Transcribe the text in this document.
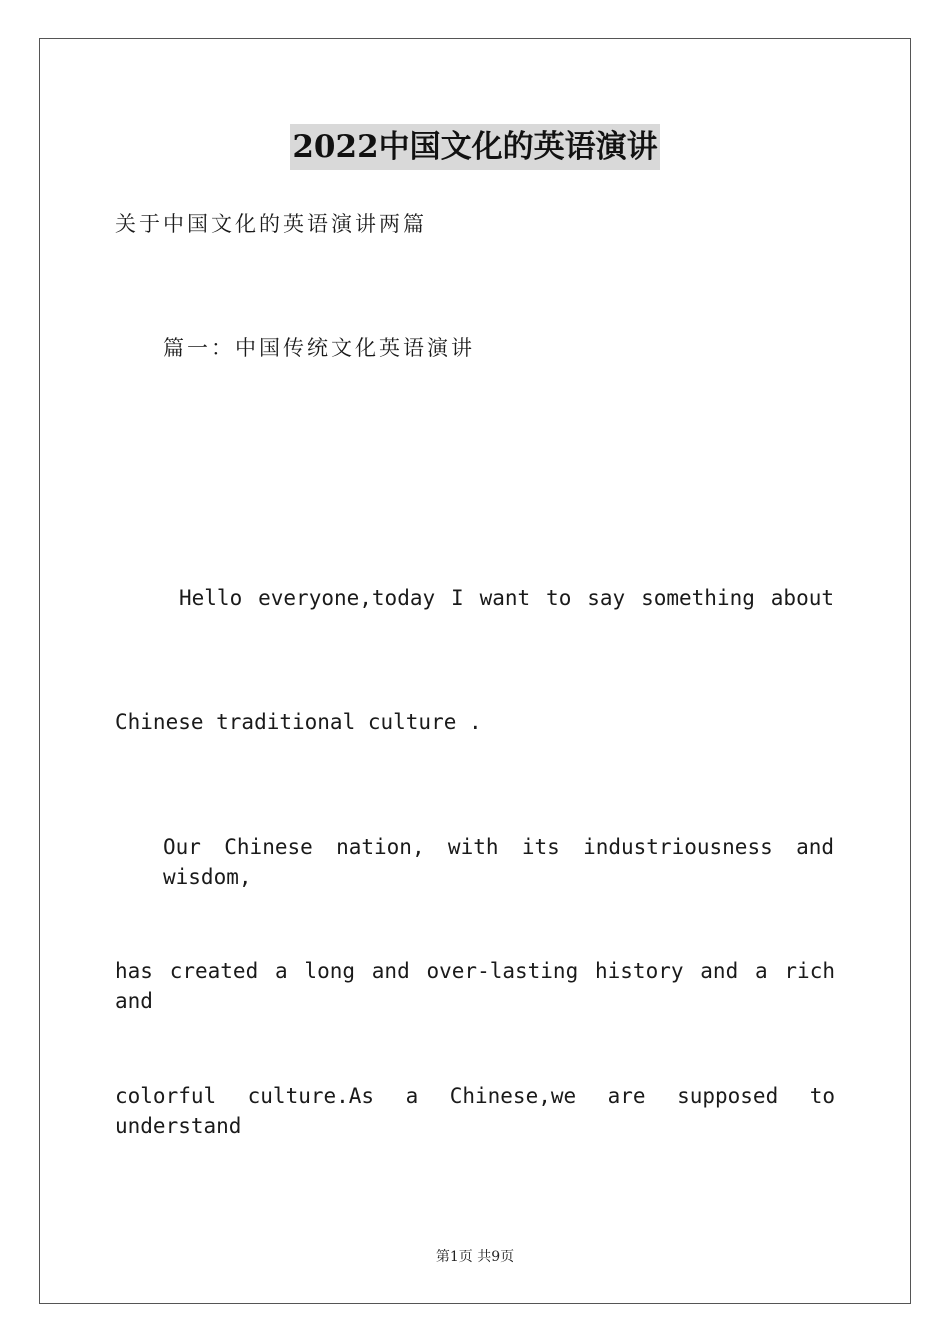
2022中国文化的英语演讲
关于中国文化的英语演讲两篇
篇一：中国传统文化英语演讲
Hello everyone,today I want to say something about
Chinese traditional culture .
Our Chinese nation, with its industriousness and wisdom,
has created a long and over-lasting history and a rich and
colorful culture.As a Chinese,we are supposed to understand
第1页 共9页
